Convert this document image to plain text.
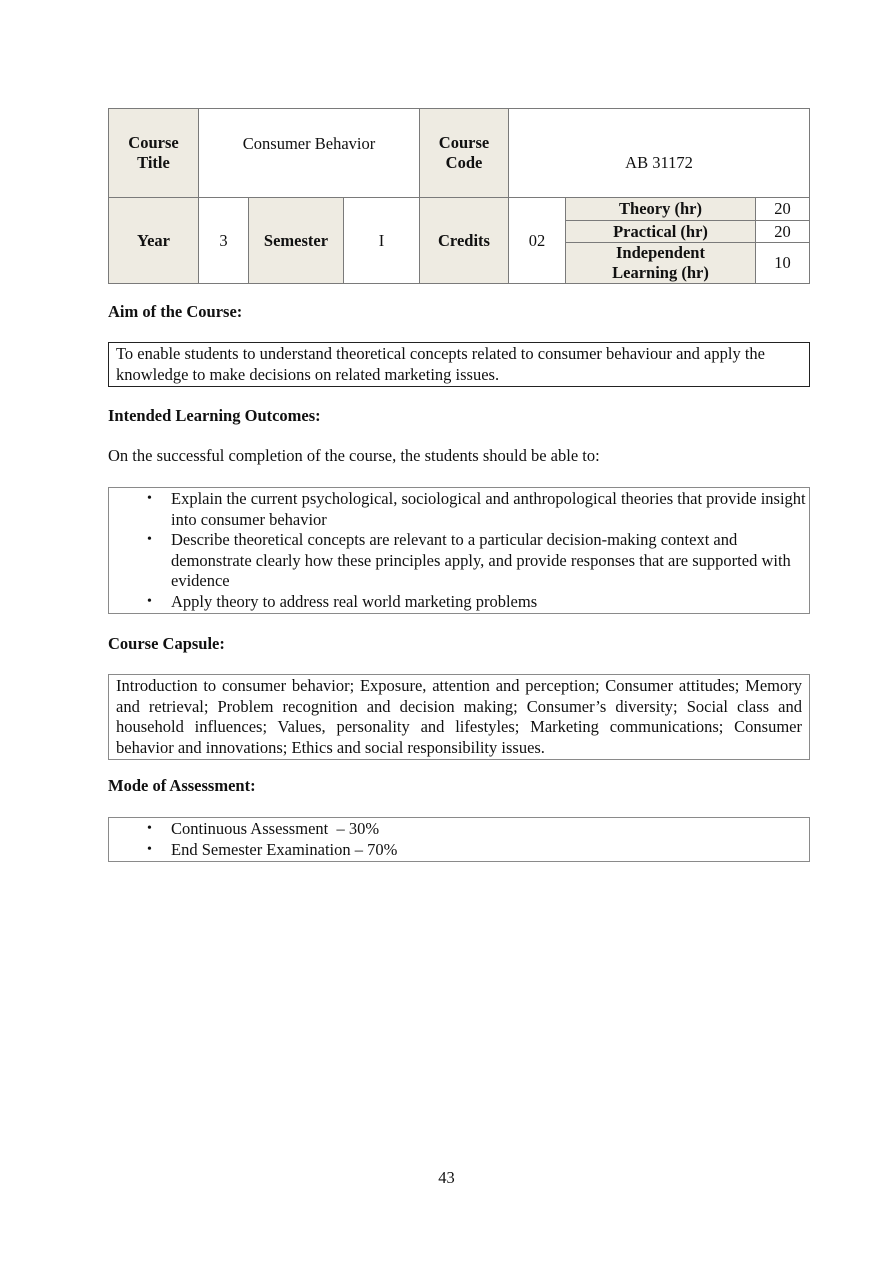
Course Title	Consumer Behavior			Course Code	AB 31172		
Year	3	Semester	I	Credits	02	Theory (hr)	20
						Practical (hr)	20
						Independent Learning (hr)	10
Aim of the Course:
To enable students to understand theoretical concepts related to consumer behaviour and apply the knowledge to make decisions on related marketing issues.
Intended Learning Outcomes:
On the successful completion of the course, the students should be able to:
• Explain the current psychological, sociological and anthropological theories that provide insight into consumer behavior
• Describe theoretical concepts are relevant to a particular decision-making context and demonstrate clearly how these principles apply, and provide responses that are supported with evidence
• Apply theory to address real world marketing problems
Course Capsule:
Introduction to consumer behavior; Exposure, attention and perception; Consumer attitudes; Memory and retrieval; Problem recognition and decision making; Consumer’s diversity; Social class and household influences; Values, personality and lifestyles; Marketing communications; Consumer behavior and innovations; Ethics and social responsibility issues.
Mode of Assessment:
• Continuous Assessment  – 30%
• End Semester Examination – 70%
43
